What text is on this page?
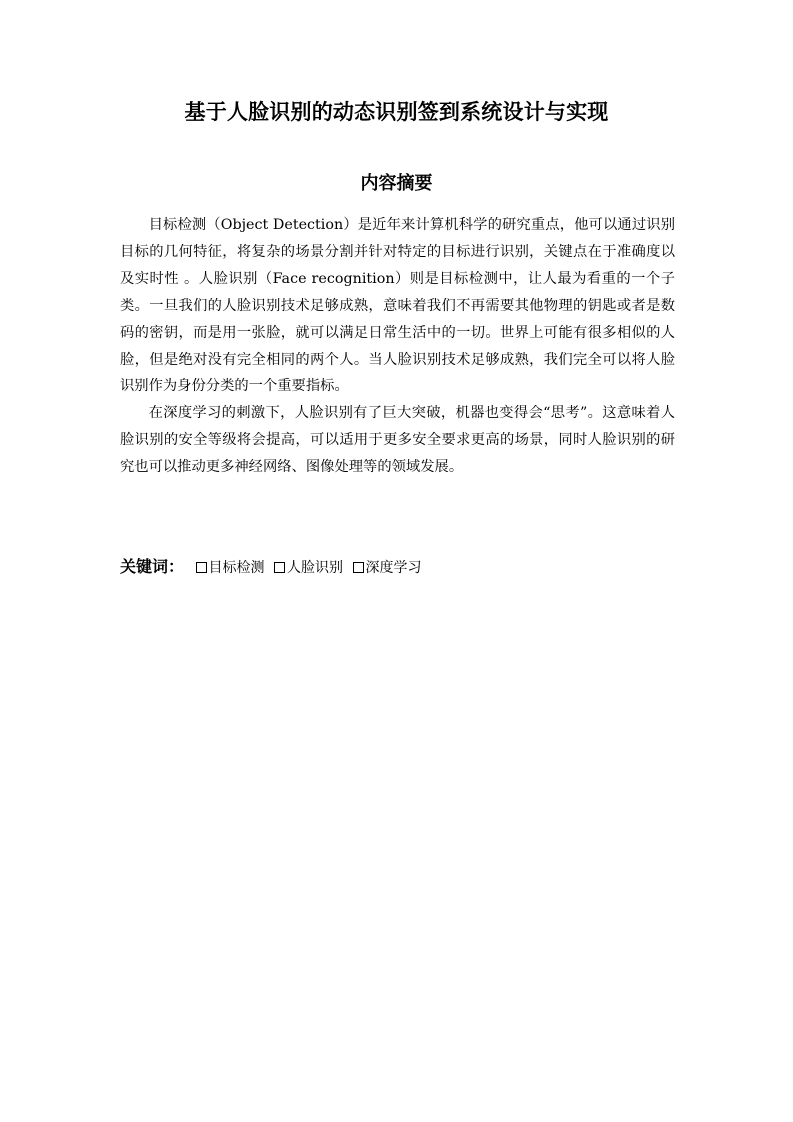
基于人脸识别的动态识别签到系统设计与实现
内容摘要

目标检测（Object Detection）是近年来计算机科学的研究重点，他可以通过识别目标的几何特征，将复杂的场景分割并针对特定的目标进行识别，关键点在于准确度以及实时性 。人脸识别（Face recognition）则是目标检测中，让人最为看重的一个子类。一旦我们的人脸识别技术足够成熟，意味着我们不再需要其他物理的钥匙或者是数码的密钥，而是用一张脸，就可以满足日常生活中的一切。世界上可能有很多相似的人脸，但是绝对没有完全相同的两个人。当人脸识别技术足够成熟，我们完全可以将人脸识别作为身份分类的一个重要指标。

在深度学习的刺激下，人脸识别有了巨大突破，机器也变得会“思考”。这意味着人脸识别的安全等级将会提高，可以适用于更多安全要求更高的场景，同时人脸识别的研究也可以推动更多神经网络、图像处理等的领域发展。

关键词： 目标检测 人脸识别 深度学习
